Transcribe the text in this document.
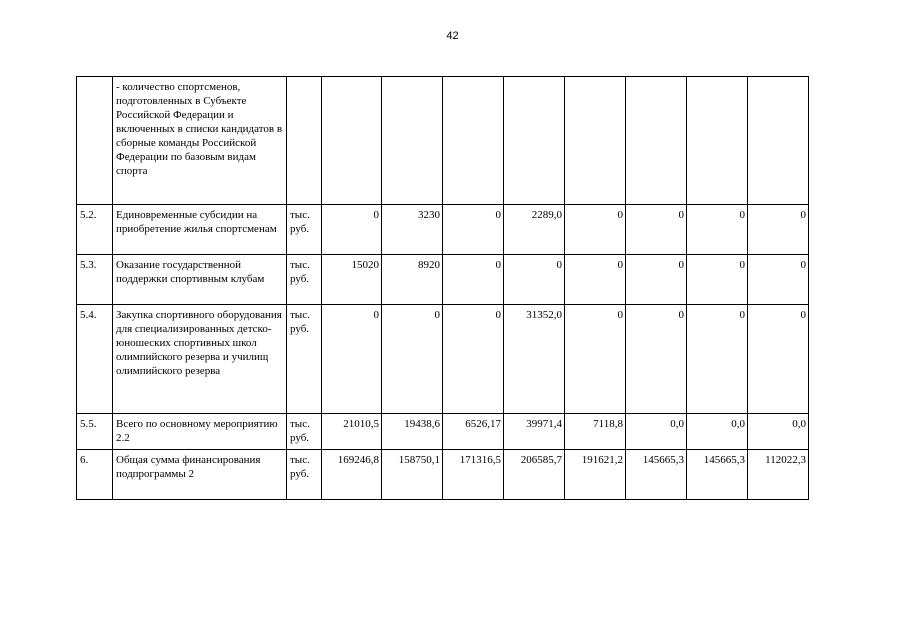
42
	- количество спортсменов, подготовленных в Субъекте Российской Федерации и включенных в списки кандидатов в сборные команды Российской Федерации по базовым видам спорта									
5.2.	Единовременные субсидии на приобретение жилья спортсменам	тыс. руб.	0	3230	0	2289,0	0	0	0	0
5.3.	Оказание государственной поддержки спортивным клубам	тыс. руб.	15020	8920	0	0	0	0	0	0
5.4.	Закупка спортивного оборудования для специализированных детско-юношеских спортивных школ олимпийского резерва и училищ олимпийского резерва	тыс. руб.	0	0	0	31352,0	0	0	0	0
5.5.	Всего по основному мероприятию 2.2	тыс. руб.	21010,5	19438,6	6526,17	39971,4	7118,8	0,0	0,0	0,0
6.	Общая сумма финансирования подпрограммы 2	тыс. руб.	169246,8	158750,1	171316,5	206585,7	191621,2	145665,3	145665,3	112022,3
